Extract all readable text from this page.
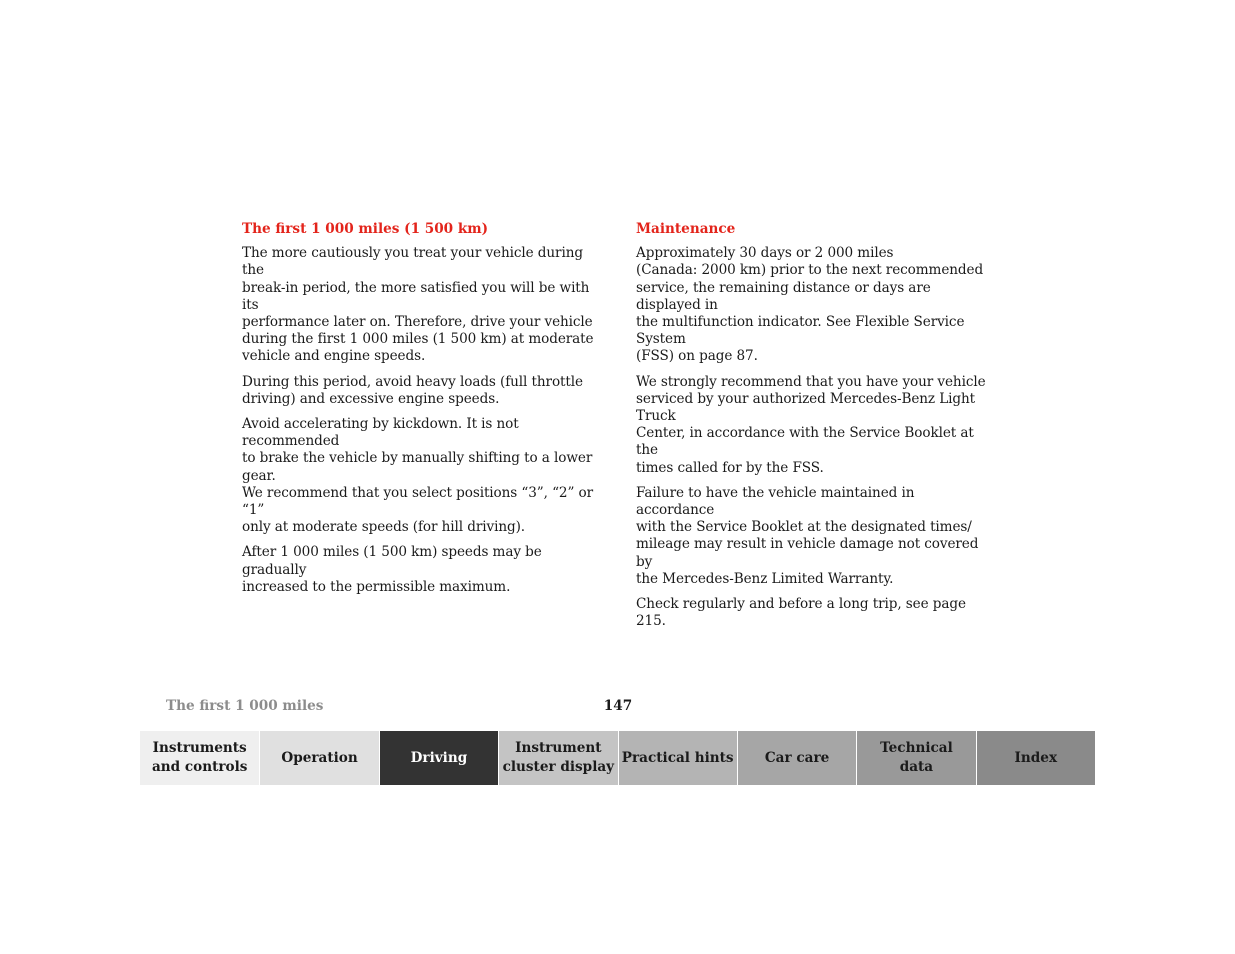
The first 1 000 miles (1 500 km)

The more cautiously you treat your vehicle during the
break-in period, the more satisfied you will be with its
performance later on. Therefore, drive your vehicle
during the first 1 000 miles (1 500 km) at moderate
vehicle and engine speeds.

During this period, avoid heavy loads (full throttle
driving) and excessive engine speeds.

Avoid accelerating by kickdown. It is not recommended
to brake the vehicle by manually shifting to a lower gear.
We recommend that you select positions “3”, “2” or “1”
only at moderate speeds (for hill driving).

After 1 000 miles (1 500 km) speeds may be gradually
increased to the permissible maximum.

Maintenance

Approximately 30 days or 2 000 miles
(Canada: 2000 km) prior to the next recommended
service, the remaining distance or days are displayed in
the multifunction indicator. See Flexible Service System
(FSS) on page 87.

We strongly recommend that you have your vehicle
serviced by your authorized Mercedes-Benz Light Truck
Center, in accordance with the Service Booklet at the
times called for by the FSS.

Failure to have the vehicle maintained in accordance
with the Service Booklet at the designated times/
mileage may result in vehicle damage not covered by
the Mercedes-Benz Limited Warranty.

Check regularly and before a long trip, see page 215.

The first 1 000 miles	147
Instruments
and controls
Operation	Driving
Instrument
cluster display
Practical hints	Car care
Technical
data
Index
